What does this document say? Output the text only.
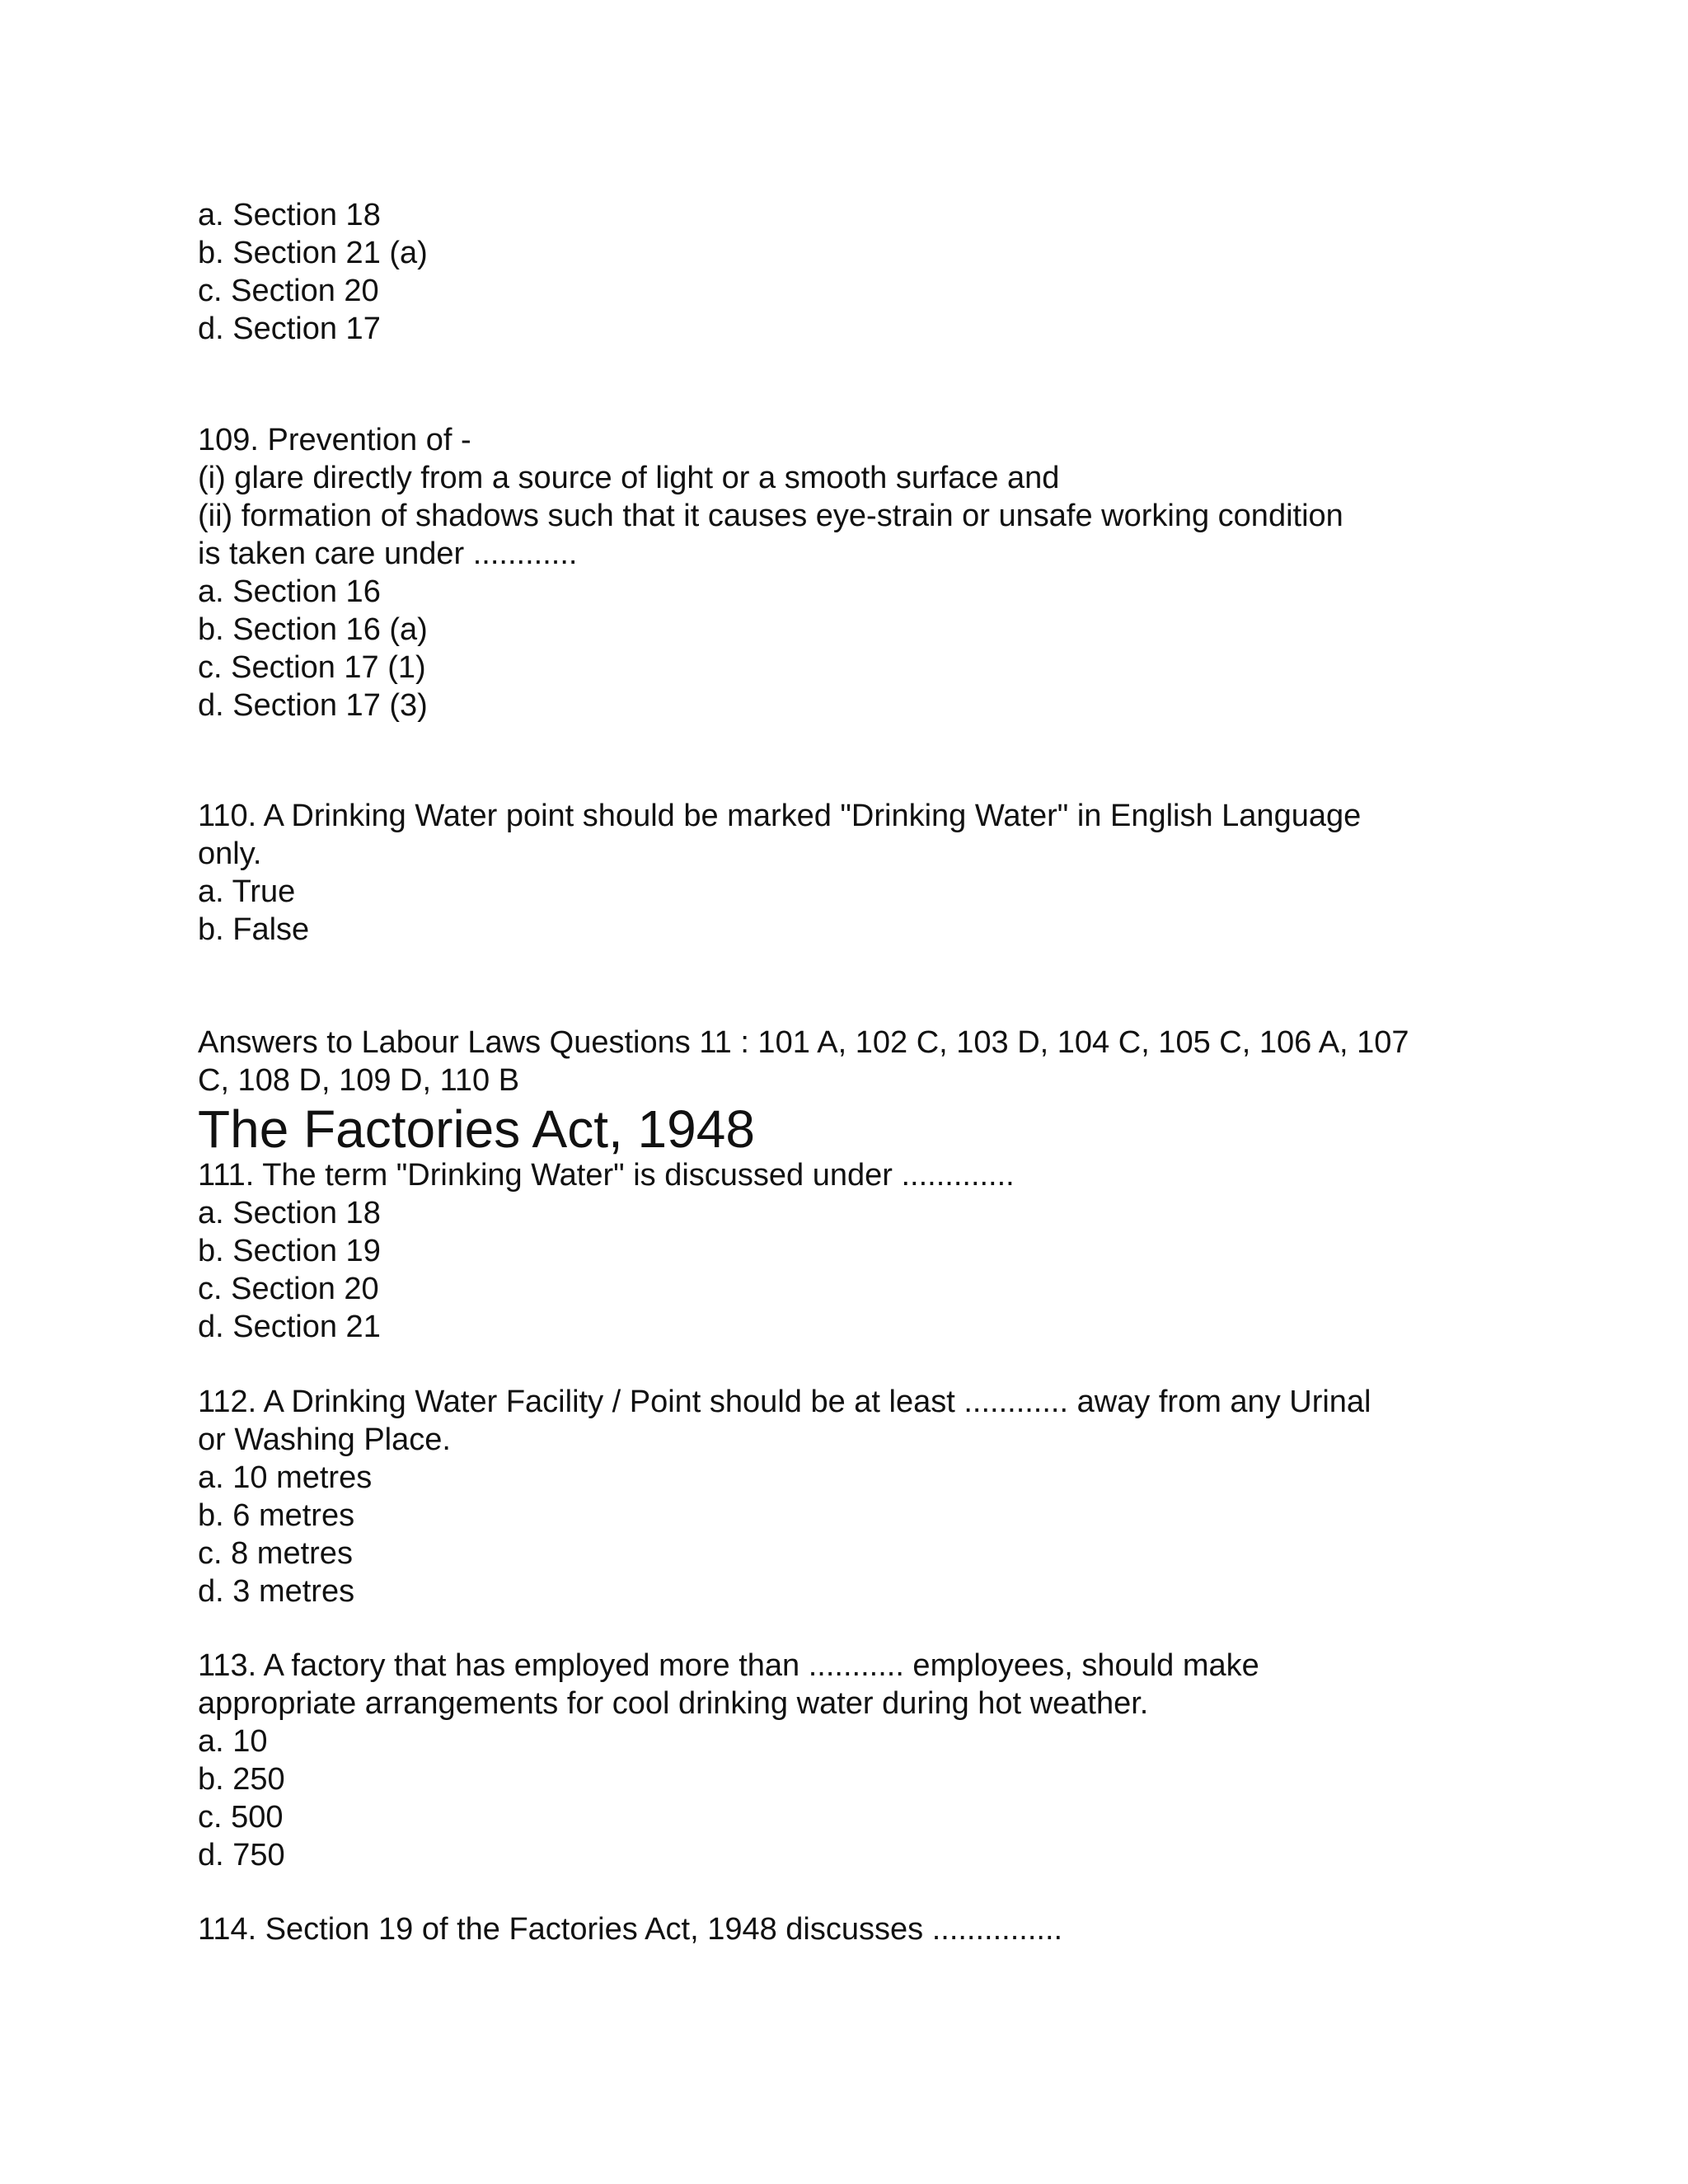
a. Section 18

b. Section 21 (a)

c. Section 20

d. Section 17

109. Prevention of -

(i) glare directly from a source of light or a smooth surface and

(ii) formation of shadows such that it causes eye-strain or unsafe working condition

is taken care under ............

a. Section 16

b. Section 16 (a)

c. Section 17 (1)

d. Section 17 (3)

110. A Drinking Water point should be marked "Drinking Water" in English Language

only.

a. True

b. False

Answers to Labour Laws Questions 11 : 101 A, 102 C, 103 D, 104 C, 105 C, 106 A, 107

C, 108 D, 109 D, 110 B

The Factories Act, 1948

111. The term "Drinking Water" is discussed under .............

a. Section 18

b. Section 19

c. Section 20

d. Section 21

112. A Drinking Water Facility / Point should be at least ............ away from any Urinal

or Washing Place.

a. 10 metres

b. 6 metres

c. 8 metres

d. 3 metres

113. A factory that has employed more than ........... employees, should make

appropriate arrangements for cool drinking water during hot weather.

a. 10

b. 250

c. 500

d. 750

114. Section 19 of the Factories Act, 1948 discusses ...............
